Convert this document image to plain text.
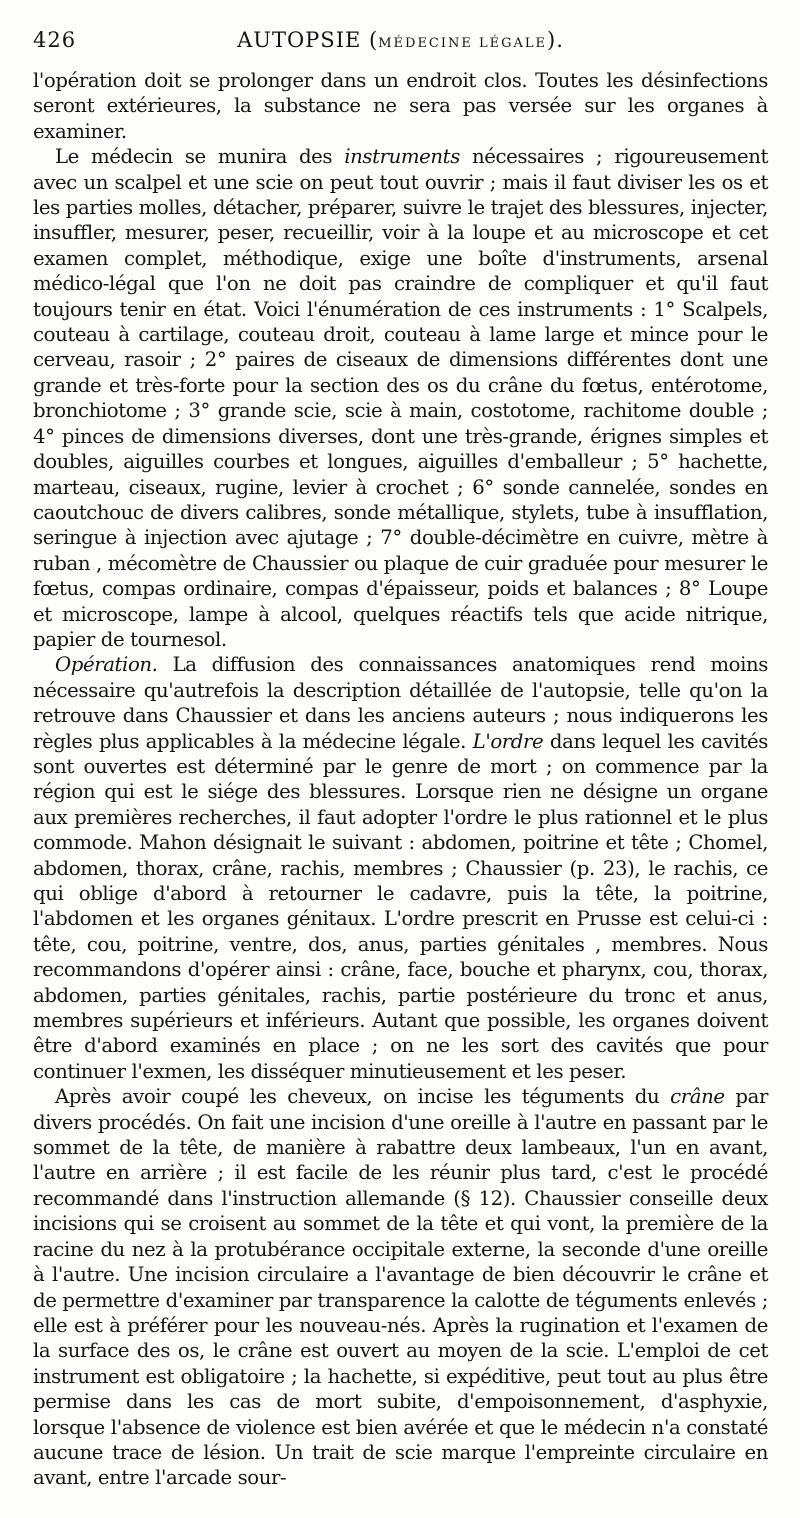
426	AUTOPSIE (MÉDECINE LÉGALE).

l'opération doit se prolonger dans un endroit clos. Toutes les désinfections seront extérieures, la substance ne sera pas versée sur les organes à examiner.

Le médecin se munira des instruments nécessaires ; rigoureusement avec un scalpel et une scie on peut tout ouvrir ; mais il faut diviser les os et les parties molles, détacher, préparer, suivre le trajet des blessures, injecter, insuffler, mesurer, peser, recueillir, voir à la loupe et au microscope et cet examen complet, méthodique, exige une boîte d'instruments, arsenal médico-légal que l'on ne doit pas craindre de compliquer et qu'il faut toujours tenir en état. Voici l'énumération de ces instruments : 1° Scalpels, couteau à cartilage, couteau droit, couteau à lame large et mince pour le cerveau, rasoir ; 2° paires de ciseaux de dimensions différentes dont une grande et très-forte pour la section des os du crâne du fœtus, entérotome, bronchiotome ; 3° grande scie, scie à main, costotome, rachitome double ; 4° pinces de dimensions diverses, dont une très-grande, érignes simples et doubles, aiguilles courbes et longues, aiguilles d'emballeur ; 5° hachette, marteau, ciseaux, rugine, levier à crochet ; 6° sonde cannelée, sondes en caoutchouc de divers calibres, sonde métallique, stylets, tube à insufflation, seringue à injection avec ajutage ; 7° double-décimètre en cuivre, mètre à ruban , mécomètre de Chaussier ou plaque de cuir graduée pour mesurer le fœtus, compas ordinaire, compas d'épaisseur, poids et balances ; 8° Loupe et microscope, lampe à alcool, quelques réactifs tels que acide nitrique, papier de tournesol.

Opération. La diffusion des connaissances anatomiques rend moins nécessaire qu'autrefois la description détaillée de l'autopsie, telle qu'on la retrouve dans Chaussier et dans les anciens auteurs ; nous indiquerons les règles plus applicables à la médecine légale. L'ordre dans lequel les cavités sont ouvertes est déterminé par le genre de mort ; on commence par la région qui est le siége des blessures. Lorsque rien ne désigne un organe aux premières recherches, il faut adopter l'ordre le plus rationnel et le plus commode. Mahon désignait le suivant : abdomen, poitrine et tête ; Chomel, abdomen, thorax, crâne, rachis, membres ; Chaussier (p. 23), le rachis, ce qui oblige d'abord à retourner le cadavre, puis la tête, la poitrine, l'abdomen et les organes génitaux. L'ordre prescrit en Prusse est celui-ci : tête, cou, poitrine, ventre, dos, anus, parties génitales , membres. Nous recommandons d'opérer ainsi : crâne, face, bouche et pharynx, cou, thorax, abdomen, parties génitales, rachis, partie postérieure du tronc et anus, membres supérieurs et inférieurs. Autant que possible, les organes doivent être d'abord examinés en place ; on ne les sort des cavités que pour continuer l'exmen, les disséquer minutieusement et les peser.

Après avoir coupé les cheveux, on incise les téguments du crâne par divers procédés. On fait une incision d'une oreille à l'autre en passant par le sommet de la tête, de manière à rabattre deux lambeaux, l'un en avant, l'autre en arrière ; il est facile de les réunir plus tard, c'est le procédé recommandé dans l'instruction allemande (§ 12). Chaussier conseille deux incisions qui se croisent au sommet de la tête et qui vont, la première de la racine du nez à la protubérance occipitale externe, la seconde d'une oreille à l'autre. Une incision circulaire a l'avantage de bien découvrir le crâne et de permettre d'examiner par transparence la calotte de téguments enlevés ; elle est à préférer pour les nouveau-nés. Après la rugination et l'examen de la surface des os, le crâne est ouvert au moyen de la scie. L'emploi de cet instrument est obligatoire ; la hachette, si expéditive, peut tout au plus être permise dans les cas de mort subite, d'empoisonnement, d'asphyxie, lorsque l'absence de violence est bien avérée et que le médecin n'a constaté aucune trace de lésion. Un trait de scie marque l'empreinte circulaire en avant, entre l'arcade sour-
